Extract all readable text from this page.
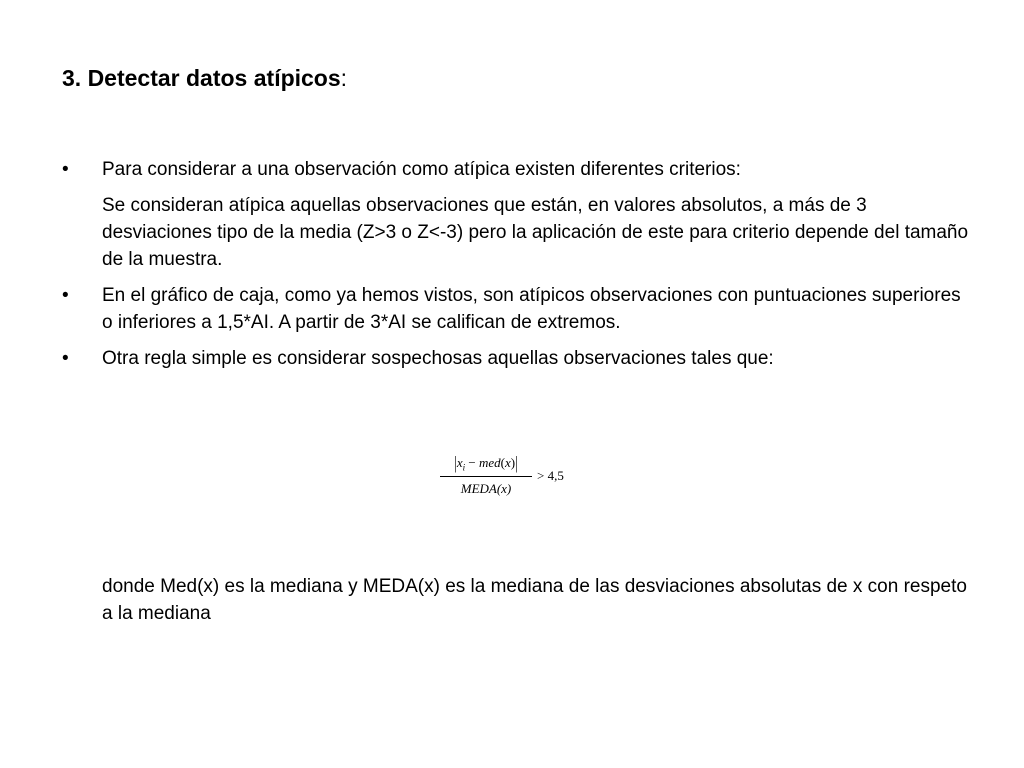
3. Detectar datos atípicos:
•	Para considerar a una observación como atípica existen diferentes criterios:
Se consideran atípica aquellas observaciones que están, en valores absolutos, a más de 3 desviaciones tipo de la media (Z>3 o Z<-3) pero la aplicación de este para criterio depende del tamaño de la muestra.
•	En el gráfico de caja, como ya hemos vistos, son atípicos observaciones con puntuaciones superiores o inferiores a 1,5*AI. A partir de 3*AI se califican de extremos.
•	Otra regla simple es considerar sospechosas aquellas observaciones tales que:
$\frac{|x_i - med(x)|}{\text{MEDA(x)}} > 4,5$

donde Med(x) es la mediana y MEDA(x) es la mediana de las desviaciones absolutas de x con respeto a la mediana
